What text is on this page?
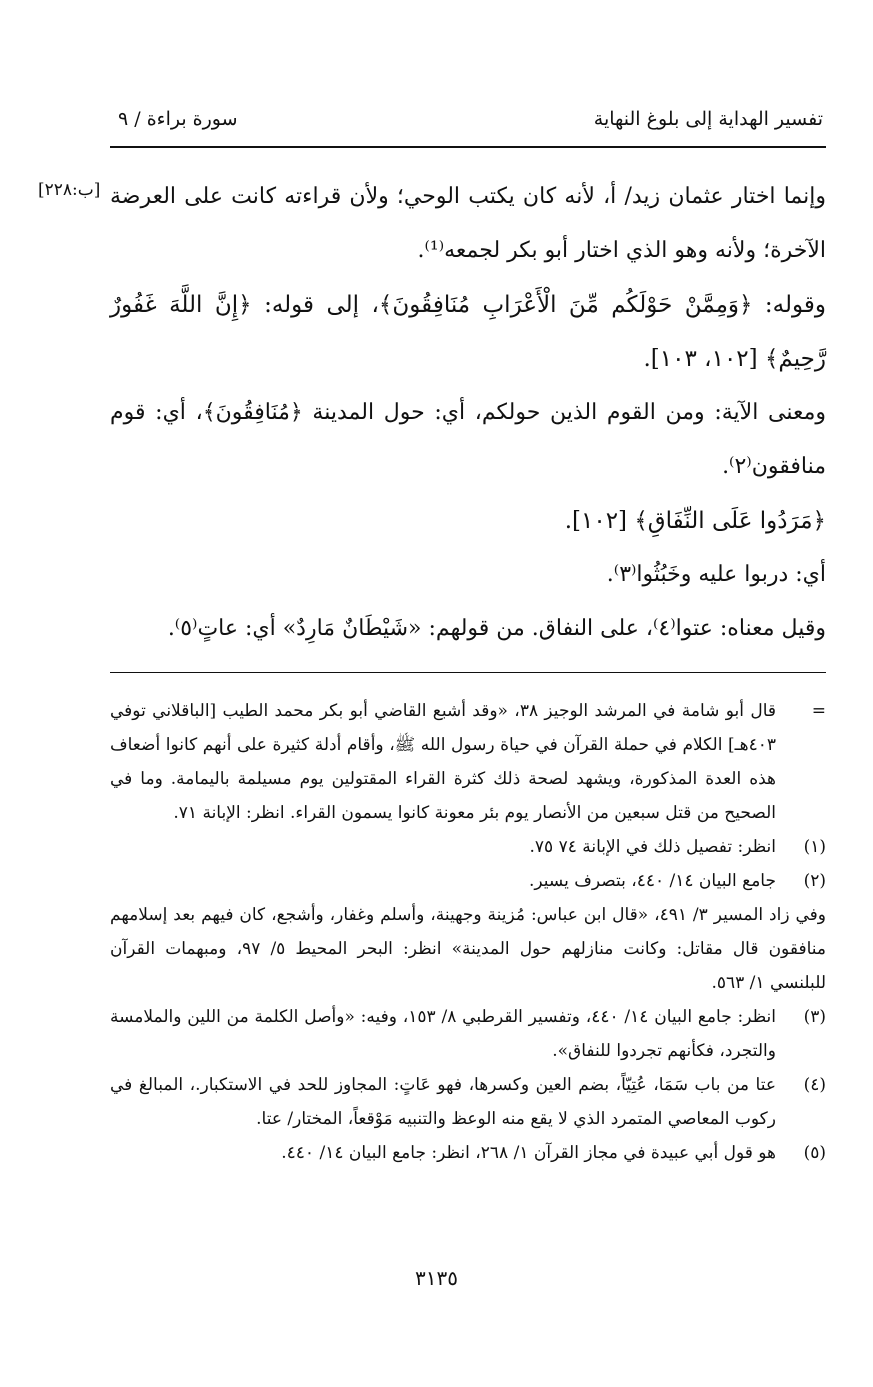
تفسير الهداية إلى بلوغ النهاية
سورة براءة / ٩
[ب:٢٢٨] وإنما اختار عثمان زيد/ أ، لأنه كان يكتب الوحي؛ ولأن قراءته كانت على العرضة الآخرة؛ ولأنه وهو الذي اختار أبو بكر لجمعه⁽¹⁾.

وقوله: ﴿وَمِمَّنْ حَوْلَكُم مِّنَ الْأَعْرَابِ مُنَافِقُونَ﴾، إلى قوله: ﴿إِنَّ اللَّهَ غَفُورٌ رَّحِيمٌ﴾ [١٠٢، ١٠٣].

ومعنى الآية: ومن القوم الذين حولكم، أي: حول المدينة ﴿مُنَافِقُونَ﴾، أي: قوم منافقون⁽٢⁾.

﴿مَرَدُوا عَلَى النِّفَاقِ﴾ [١٠٢].

أي: دربوا عليه وخَبُثُوا⁽٣⁾.

وقيل معناه: عتوا⁽٤⁾، على النفاق. من قولهم: «شَيْطَانٌ مَارِدٌ» أي: عاتٍ⁽٥⁾.

=
قال أبو شامة في المرشد الوجيز ٣٨، «وقد أشبع القاضي أبو بكر محمد الطيب [الباقلاني توفي ٤٠٣هـ] الكلام في حملة القرآن في حياة رسول الله ﷺ، وأقام أدلة كثيرة على أنهم كانوا أضعاف هذه العدة المذكورة، ويشهد لصحة ذلك كثرة القراء المقتولين يوم مسيلمة باليمامة. وما في الصحيح من قتل سبعين من الأنصار يوم بئر معونة كانوا يسمون القراء. انظر: الإبانة ٧١.
(١)
انظر: تفصيل ذلك في الإبانة ٧٤ ٧٥.
(٢)
جامع البيان ١٤/ ٤٤٠، بتصرف يسير.
وفي زاد المسير ٣/ ٤٩١، «قال ابن عباس: مُزينة وجهينة، وأسلم وغفار، وأشجع، كان فيهم بعد إسلامهم منافقون قال مقاتل: وكانت منازلهم حول المدينة» انظر: البحر المحيط ٥/ ٩٧، ومبهمات القرآن للبلنسي ١/ ٥٦٣.
(٣)
انظر: جامع البيان ١٤/ ٤٤٠، وتفسير القرطبي ٨/ ١٥٣، وفيه: «وأصل الكلمة من اللين والملامسة والتجرد، فكأنهم تجردوا للنفاق».
(٤)
عتا من باب سَمَا، عُتِيّاً، بضم العين وكسرها، فهو عَاتٍ: المجاوز للحد في الاستكبار.، المبالغ في ركوب المعاصي المتمرد الذي لا يقع منه الوعظ والتنبيه مَوْقعاً، المختار/ عتا.
(٥)
هو قول أبي عبيدة في مجاز القرآن ١/ ٢٦٨، انظر: جامع البيان ١٤/ ٤٤٠.
٣١٣٥
